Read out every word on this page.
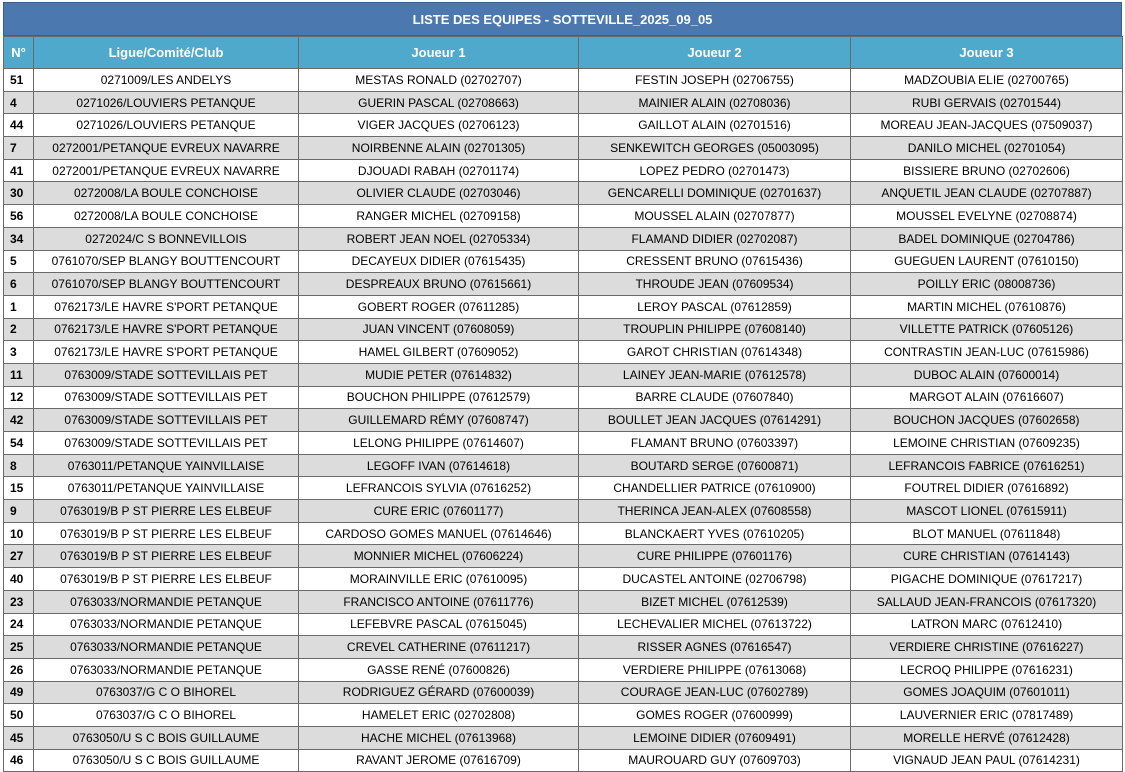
LISTE DES EQUIPES - SOTTEVILLE_2025_09_05
N°	Ligue/Comité/Club	Joueur 1	Joueur 2	Joueur 3
51	0271009/LES ANDELYS	MESTAS RONALD (02702707)	FESTIN JOSEPH (02706755)	MADZOUBIA ELIE (02700765)
4	0271026/LOUVIERS PETANQUE	GUERIN PASCAL (02708663)	MAINIER ALAIN (02708036)	RUBI GERVAIS (02701544)
44	0271026/LOUVIERS PETANQUE	VIGER JACQUES (02706123)	GAILLOT ALAIN (02701516)	MOREAU JEAN-JACQUES (07509037)
7	0272001/PETANQUE EVREUX NAVARRE	NOIRBENNE ALAIN (02701305)	SENKEWITCH GEORGES (05003095)	DANILO MICHEL (02701054)
41	0272001/PETANQUE EVREUX NAVARRE	DJOUADI RABAH (02701174)	LOPEZ PEDRO (02701473)	BISSIERE BRUNO (02702606)
30	0272008/LA BOULE CONCHOISE	OLIVIER CLAUDE (02703046)	GENCARELLI DOMINIQUE (02701637)	ANQUETIL JEAN CLAUDE (02707887)
56	0272008/LA BOULE CONCHOISE	RANGER MICHEL (02709158)	MOUSSEL ALAIN (02707877)	MOUSSEL EVELYNE (02708874)
34	0272024/C S BONNEVILLOIS	ROBERT JEAN NOEL (02705334)	FLAMAND DIDIER (02702087)	BADEL DOMINIQUE (02704786)
5	0761070/SEP BLANGY BOUTTENCOURT	DECAYEUX DIDIER (07615435)	CRESSENT BRUNO (07615436)	GUEGUEN LAURENT (07610150)
6	0761070/SEP BLANGY BOUTTENCOURT	DESPREAUX BRUNO (07615661)	THROUDE JEAN (07609534)	POILLY ERIC (08008736)
1	0762173/LE HAVRE S'PORT PETANQUE	GOBERT ROGER (07611285)	LEROY PASCAL (07612859)	MARTIN MICHEL (07610876)
2	0762173/LE HAVRE S'PORT PETANQUE	JUAN VINCENT (07608059)	TROUPLIN PHILIPPE (07608140)	VILLETTE PATRICK (07605126)
3	0762173/LE HAVRE S'PORT PETANQUE	HAMEL GILBERT (07609052)	GAROT CHRISTIAN (07614348)	CONTRASTIN JEAN-LUC (07615986)
11	0763009/STADE SOTTEVILLAIS PET	MUDIE PETER (07614832)	LAINEY JEAN-MARIE (07612578)	DUBOC ALAIN (07600014)
12	0763009/STADE SOTTEVILLAIS PET	BOUCHON PHILIPPE (07612579)	BARRE CLAUDE (07607840)	MARGOT ALAIN (07616607)
42	0763009/STADE SOTTEVILLAIS PET	GUILLEMARD RÉMY (07608747)	BOULLET JEAN JACQUES (07614291)	BOUCHON JACQUES (07602658)
54	0763009/STADE SOTTEVILLAIS PET	LELONG PHILIPPE (07614607)	FLAMANT BRUNO (07603397)	LEMOINE CHRISTIAN (07609235)
8	0763011/PETANQUE YAINVILLAISE	LEGOFF IVAN (07614618)	BOUTARD SERGE (07600871)	LEFRANCOIS FABRICE (07616251)
15	0763011/PETANQUE YAINVILLAISE	LEFRANCOIS SYLVIA (07616252)	CHANDELLIER PATRICE (07610900)	FOUTREL DIDIER (07616892)
9	0763019/B P ST PIERRE LES ELBEUF	CURE ERIC (07601177)	THERINCA JEAN-ALEX (07608558)	MASCOT LIONEL (07615911)
10	0763019/B P ST PIERRE LES ELBEUF	CARDOSO GOMES MANUEL (07614646)	BLANCKAERT YVES (07610205)	BLOT MANUEL (07611848)
27	0763019/B P ST PIERRE LES ELBEUF	MONNIER MICHEL (07606224)	CURE PHILIPPE (07601176)	CURE CHRISTIAN (07614143)
40	0763019/B P ST PIERRE LES ELBEUF	MORAINVILLE ERIC (07610095)	DUCASTEL ANTOINE (02706798)	PIGACHE DOMINIQUE (07617217)
23	0763033/NORMANDIE PETANQUE	FRANCISCO ANTOINE (07611776)	BIZET MICHEL (07612539)	SALLAUD JEAN-FRANCOIS (07617320)
24	0763033/NORMANDIE PETANQUE	LEFEBVRE PASCAL (07615045)	LECHEVALIER MICHEL (07613722)	LATRON MARC (07612410)
25	0763033/NORMANDIE PETANQUE	CREVEL CATHERINE (07611217)	RISSER AGNES (07616547)	VERDIERE CHRISTINE (07616227)
26	0763033/NORMANDIE PETANQUE	GASSE RENÉ (07600826)	VERDIERE PHILIPPE (07613068)	LECROQ PHILIPPE (07616231)
49	0763037/G C O BIHOREL	RODRIGUEZ GÉRARD (07600039)	COURAGE JEAN-LUC (07602789)	GOMES JOAQUIM (07601011)
50	0763037/G C O BIHOREL	HAMELET ERIC (02702808)	GOMES ROGER (07600999)	LAUVERNIER ERIC (07817489)
45	0763050/U S C BOIS GUILLAUME	HACHE MICHEL (07613968)	LEMOINE DIDIER (07609491)	MORELLE HERVÉ (07612428)
46	0763050/U S C BOIS GUILLAUME	RAVANT JEROME (07616709)	MAUROUARD GUY (07609703)	VIGNAUD JEAN PAUL (07614231)
